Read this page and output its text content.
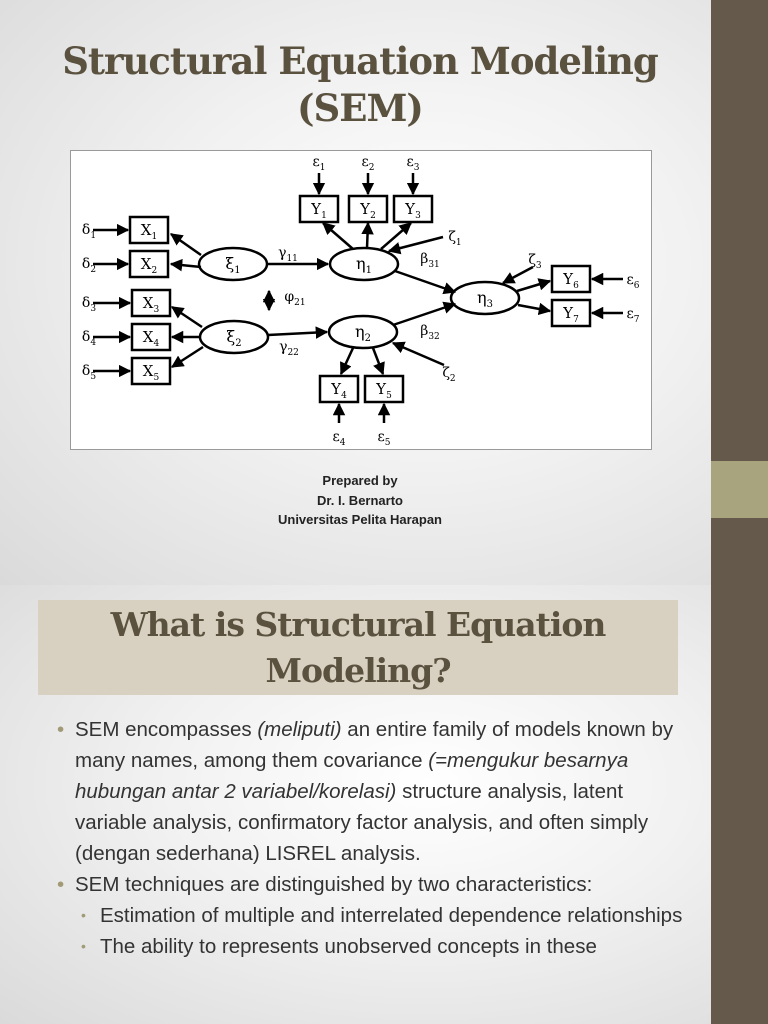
Structural Equation Modeling
(SEM)
$\xi_1$
$\xi_2$
$\eta_1$
$\eta_2$
$\eta_3$
$X_1$
$\delta_1$
$X_2$
$\delta_2$
$X_3$
$\delta_3$
$X_4$
$\delta_4$
$X_5$
$\delta_5$
$Y_1$
$\varepsilon_1$
$Y_2$
$\varepsilon_2$
$Y_3$
$\varepsilon_3$
$Y_4$
$\varepsilon_4$
$Y_5$
$\varepsilon_5$
$Y_6$	$\varepsilon_6$
$Y_7$	$\varepsilon_7$
$\gamma_{11}$
$\gamma_{22}$
$\beta_{31}$
$\beta_{32}$
$\varphi_{21}$
$\zeta_1$
$\zeta_2$
$\zeta_3$
Prepared by
Dr. I. Bernarto
Universitas Pelita Harapan
What is Structural Equation
Modeling?
• SEM encompasses (meliputi) an entire family of models known by many names, among them covariance (=mengukur besarnya hubungan antar 2 variabel/korelasi) structure analysis, latent variable analysis, confirmatory factor analysis, and often simply (dengan sederhana) LISREL analysis.
• SEM techniques are distinguished by two characteristics:
• Estimation of multiple and interrelated dependence relationships
• The ability to represents unobserved concepts in these
